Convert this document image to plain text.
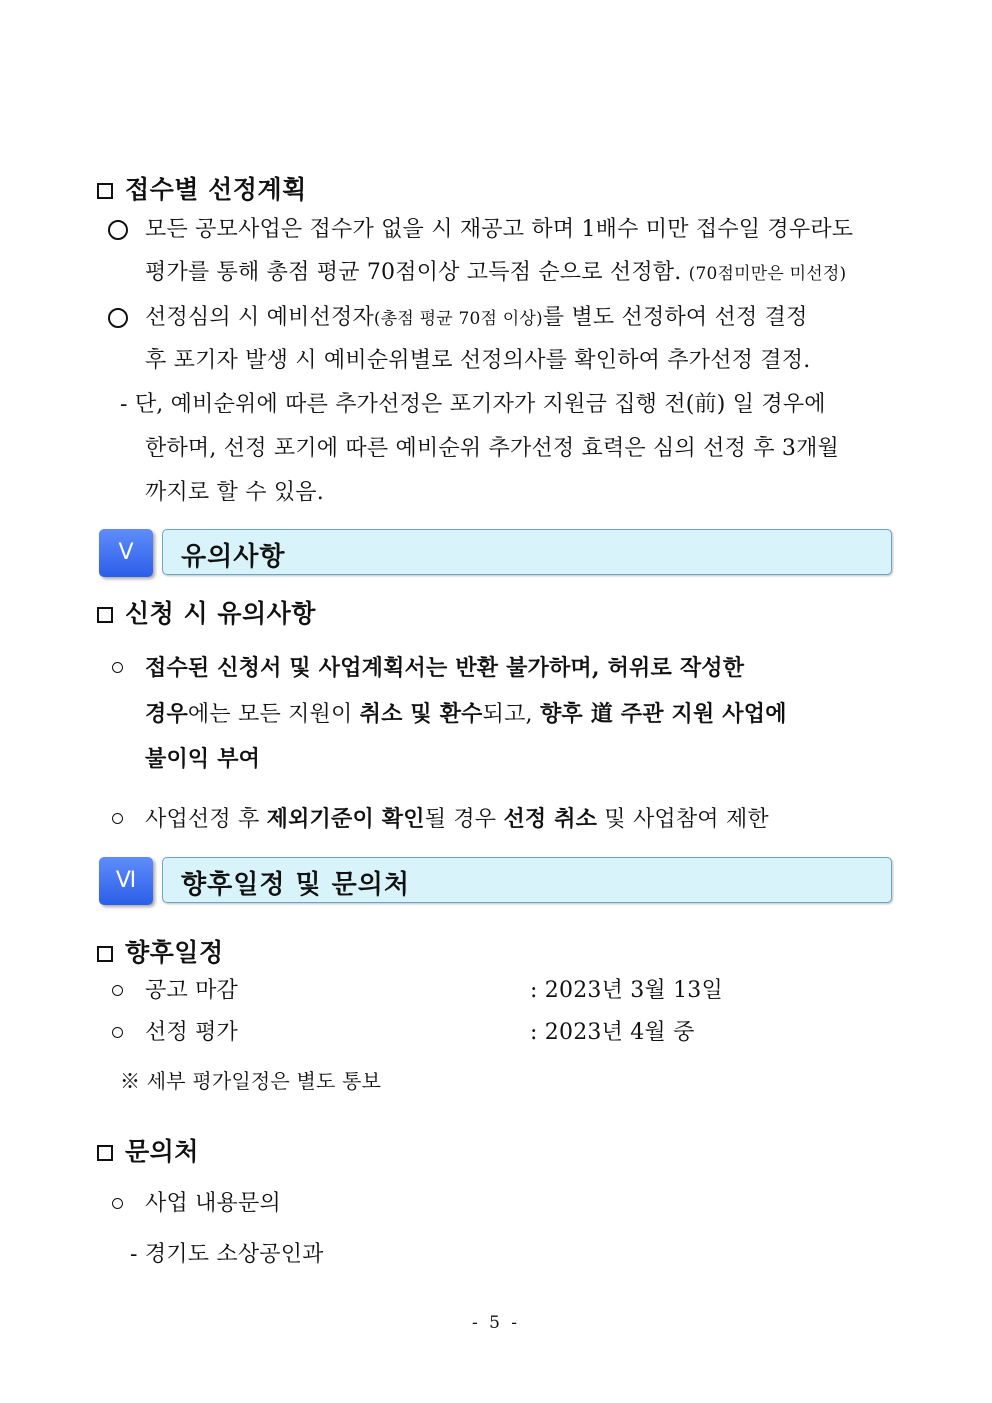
접수별 선정계획
모든 공모사업은 접수가 없을 시 재공고 하며 1배수 미만 접수일 경우라도
평가를 통해 총점 평균 70점이상 고득점 순으로 선정함. (70점미만은 미선정)
선정심의 시 예비선정자(총점 평균 70점 이상)를 별도 선정하여 선정 결정
후 포기자 발생 시 예비순위별로 선정의사를 확인하여 추가선정 결정.
- 단, 예비순위에 따른 추가선정은 포기자가 지원금 집행 전(前) 일 경우에
한하며, 선정 포기에 따른 예비순위 추가선정 효력은 심의 선정 후 3개월
까지로 할 수 있음.
Ⅴ	유의사항
신청 시 유의사항
접수된 신청서 및 사업계획서는 반환 불가하며, 허위로 작성한
경우에는 모든 지원이 취소 및 환수되고, 향후 道 주관 지원 사업에
불이익 부여
사업선정 후 제외기준이 확인될 경우 선정 취소 및 사업참여 제한
Ⅵ	향후일정 및 문의처
향후일정
공고 마감	: 2023년 3월 13일
선정 평가	: 2023년 4월 중
※ 세부 평가일정은 별도 통보
문의처
사업 내용문의
- 경기도 소상공인과
- 5 -
